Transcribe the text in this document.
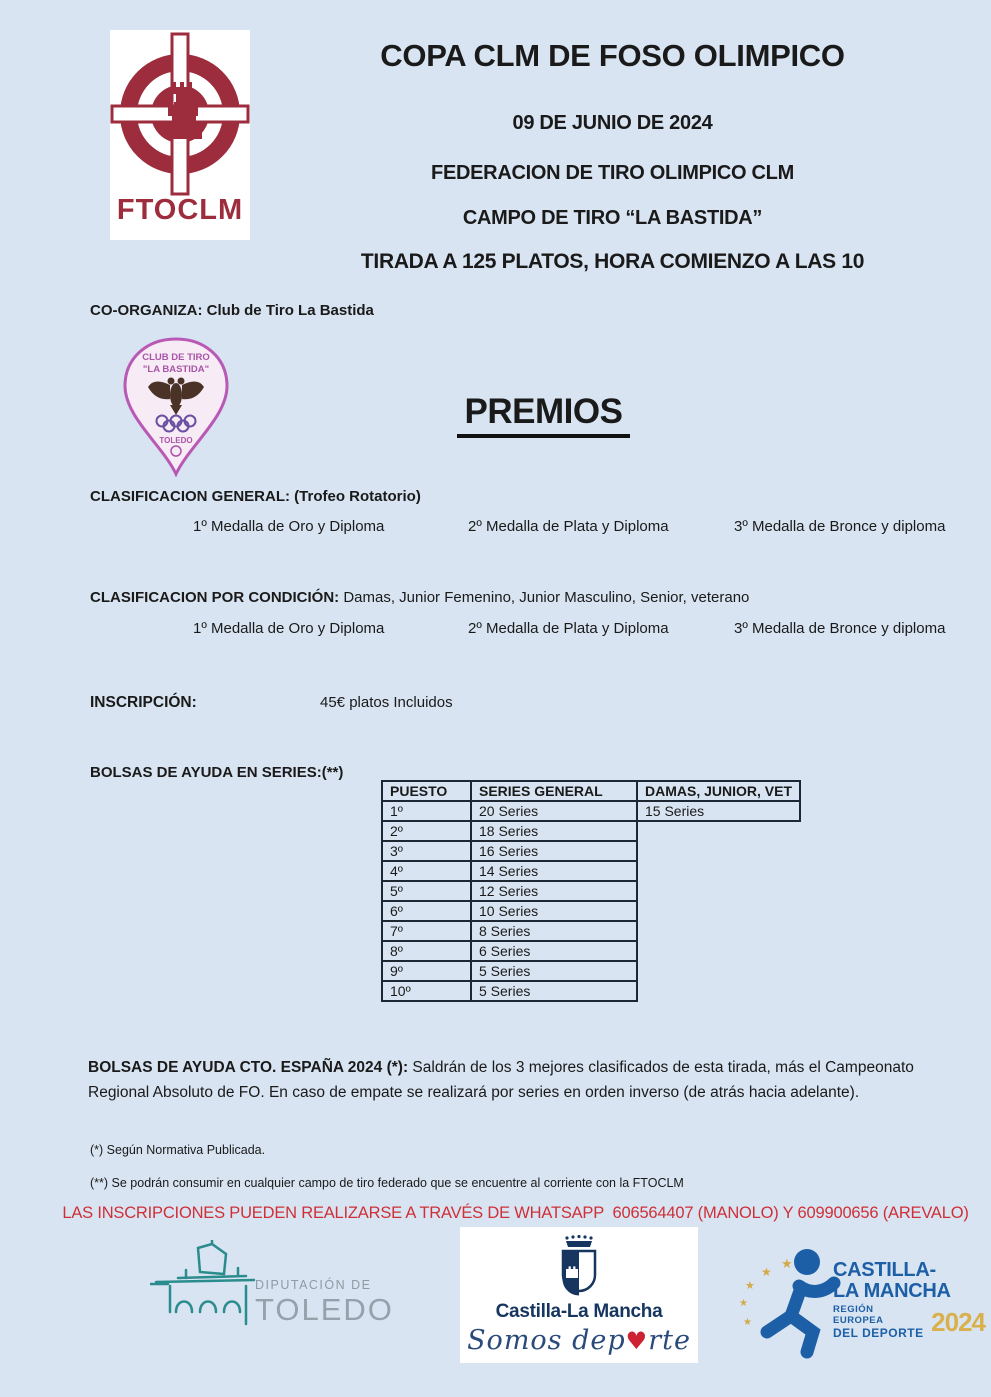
FTOCLM
COPA CLM DE FOSO OLIMPICO
09 DE JUNIO DE 2024
FEDERACION DE TIRO OLIMPICO CLM
CAMPO DE TIRO “LA BASTIDA”
TIRADA A 125 PLATOS, HORA COMIENZO A LAS 10
CO-ORGANIZA: Club de Tiro La Bastida
CLUB DE TIRO
"LA BASTIDA"
TOLEDO
PREMIOS
CLASIFICACION GENERAL: (Trofeo Rotatorio)
1º Medalla de Oro y Diploma	2º Medalla de Plata y Diploma	3º Medalla de Bronce y diploma
CLASIFICACION POR CONDICIÓN: Damas, Junior Femenino, Junior Masculino, Senior, veterano
1º Medalla de Oro y Diploma	2º Medalla de Plata y Diploma	3º Medalla de Bronce y diploma
INSCRIPCIÓN:	45€ platos Incluidos
BOLSAS DE AYUDA EN SERIES:(**)
PUESTO	SERIES GENERAL	DAMAS, JUNIOR, VET
1º	20 Series	15 Series
2º	18 Series	
3º	16 Series	
4º	14 Series	
5º	12 Series	
6º	10 Series	
7º	8 Series	
8º	6 Series	
9º	5 Series	
10º	5 Series	
BOLSAS DE AYUDA CTO. ESPAÑA 2024 (*): Saldrán de los 3 mejores clasificados de esta tirada, más el Campeonato Regional Absoluto de FO. En caso de empate se realizará por series en orden inverso (de atrás hacia adelante).
(*) Según Normativa Publicada.
(**) Se podrán consumir en cualquier campo de tiro federado que se encuentre al corriente con la FTOCLM
LAS INSCRIPCIONES PUEDEN REALIZARSE A TRAVÉS DE WHATSAPP  606564407 (MANOLO) Y 609900656 (AREVALO)
DIPUTACIÓN DE
TOLEDO	Castilla-La Mancha
Somos dep♥rte
★
★
★
★
★
CASTILLA-
LA MANCHA
REGIÓN EUROPEA
DEL DEPORTE 2024
